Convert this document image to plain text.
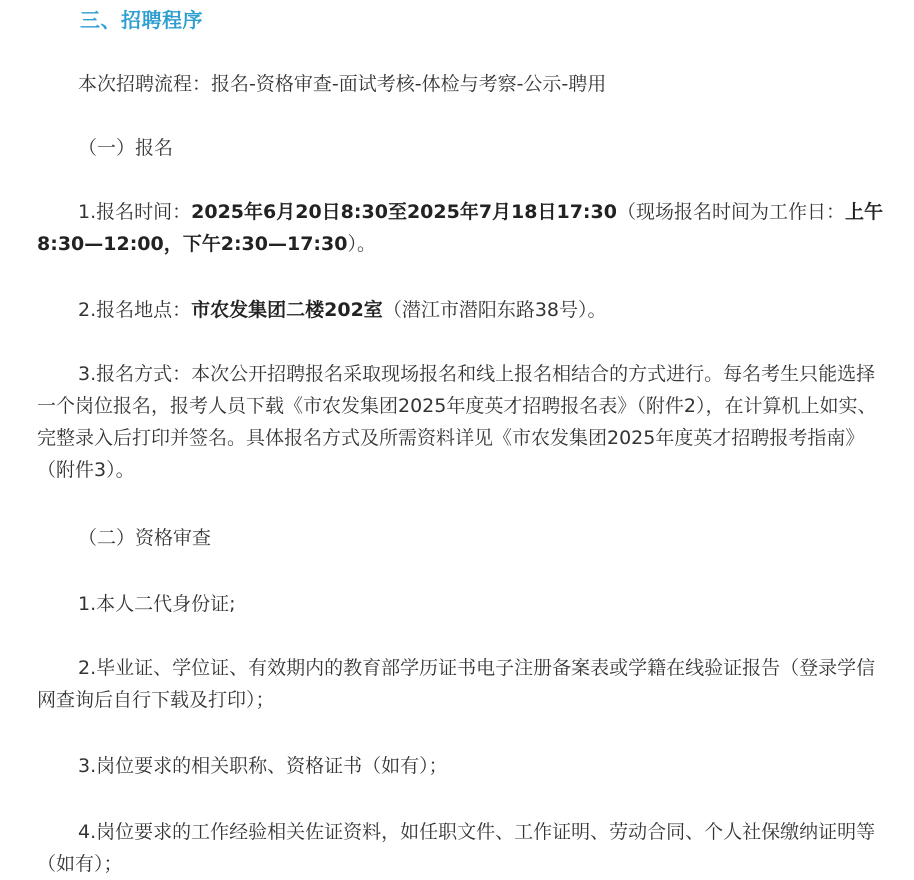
三、招聘程序
本次招聘流程：报名-资格审查-面试考核-体检与考察-公示-聘用
（一）报名
1.报名时间：2025年6月20日8:30至2025年7月18日17:30（现场报名时间为工作日：上午8:30—12:00，下午2:30—17:30）。
2.报名地点：市农发集团二楼202室（潜江市潜阳东路38号）。
3.报名方式：本次公开招聘报名采取现场报名和线上报名相结合的方式进行。每名考生只能选择一个岗位报名，报考人员下载《市农发集团2025年度英才招聘报名表》（附件2），在计算机上如实、完整录入后打印并签名。具体报名方式及所需资料详见《市农发集团2025年度英才招聘报考指南》（附件3）。
（二）资格审查
1.本人二代身份证;
2.毕业证、学位证、有效期内的教育部学历证书电子注册备案表或学籍在线验证报告（登录学信网查询后自行下载及打印）；
3.岗位要求的相关职称、资格证书（如有）；
4.岗位要求的工作经验相关佐证资料，如任职文件、工作证明、劳动合同、个人社保缴纳证明等（如有）；
